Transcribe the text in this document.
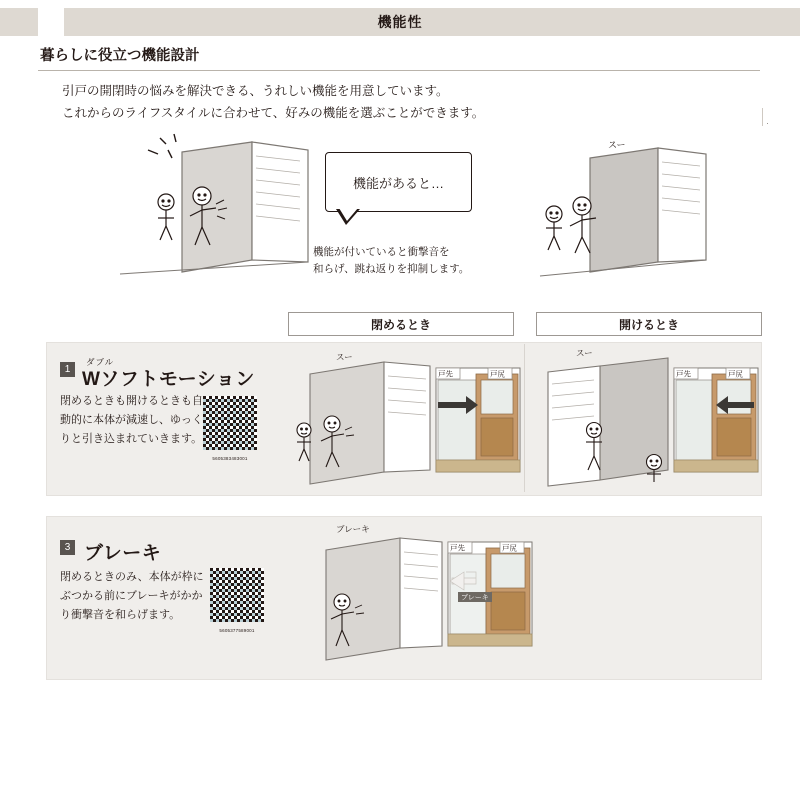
機能性
暮らしに役立つ機能設計
引戸の開閉時の悩みを解決できる、うれしい機能を用意しています。
これからのライフスタイルに合わせて、好みの機能を選ぶことができます。
·
スー
機能があると…
機能が付いていると衝撃音を
和らげ、跳ね返りを抑制します。
閉めるとき	開けるとき
1
ダブル
Wソフトモーション
閉めるときも開けるときも自
動的に本体が減速し、ゆっく
りと引き込まれていきます。
5605383483001
スー
戸先	戸尻
スー
戸先	戸尻
3 ブレーキ
閉めるときのみ、本体が枠に
ぶつかる前にブレーキがかか
り衝撃音を和らげます。
5605377589001
ブレーキ
ブレーキ
戸先	戸尻
